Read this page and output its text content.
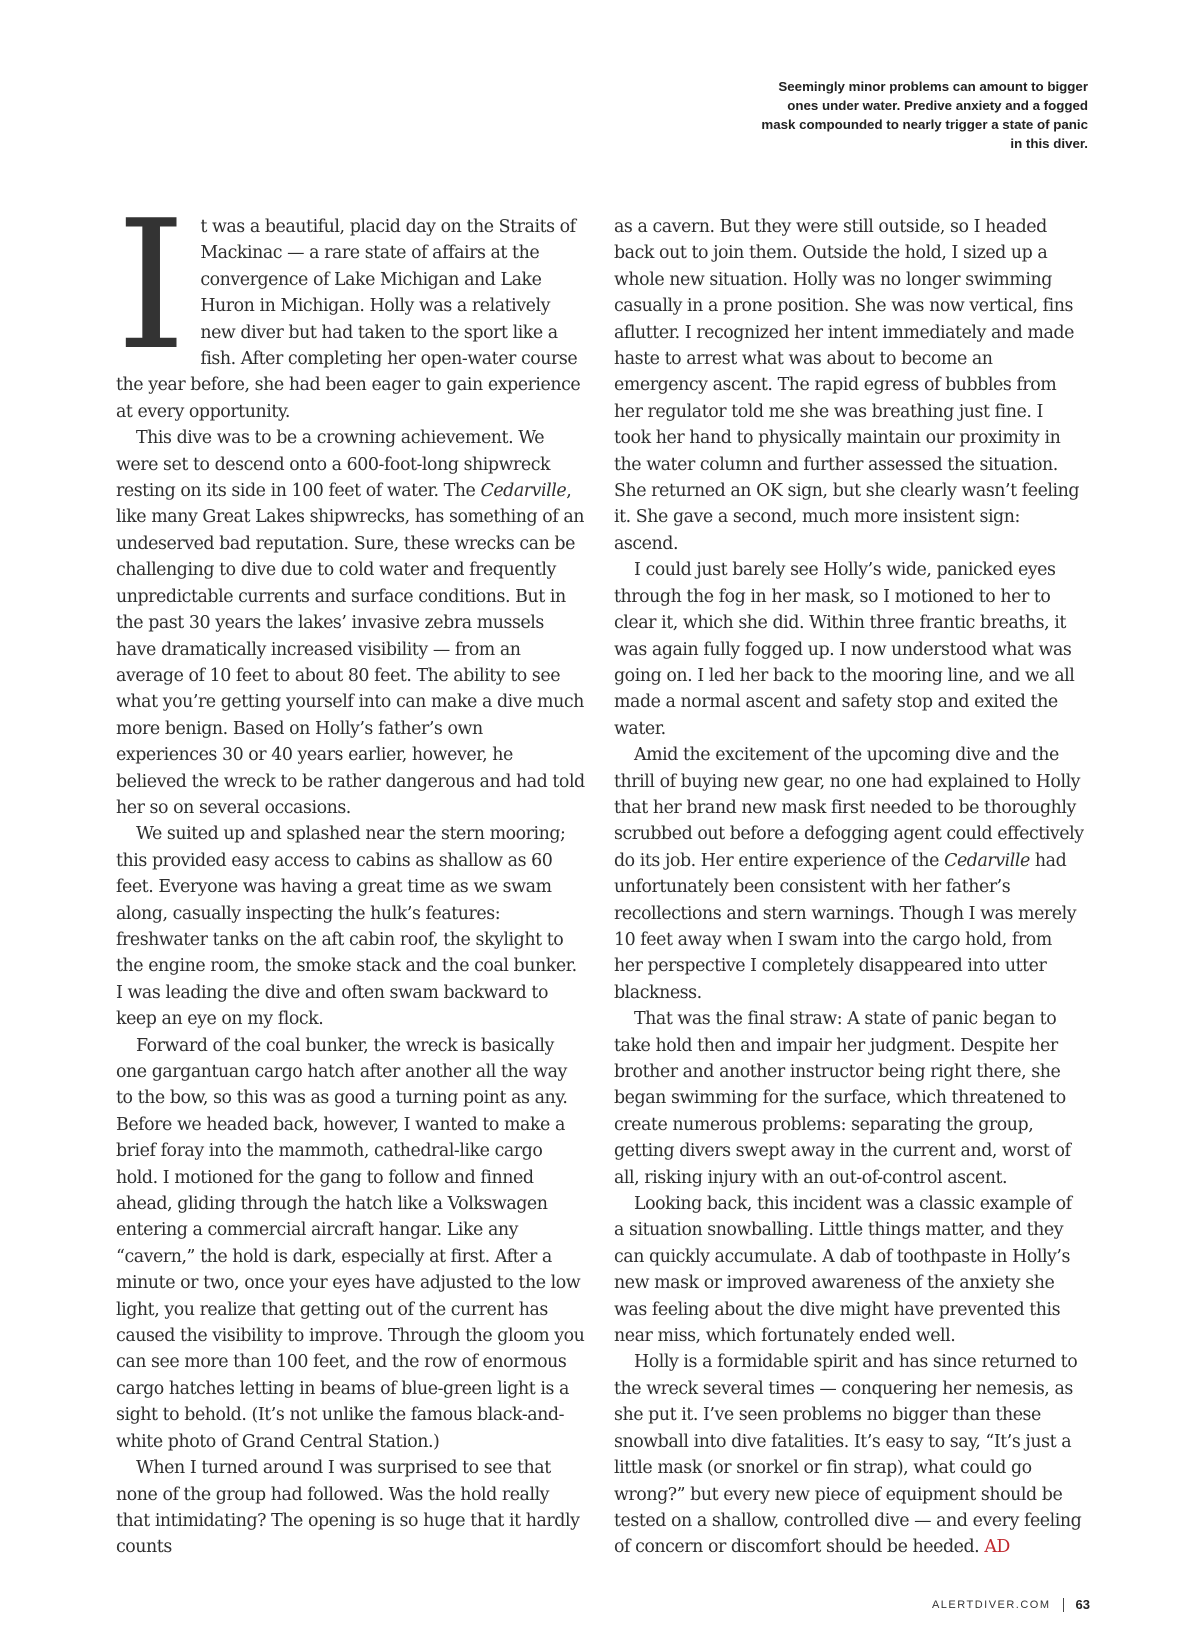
Seemingly minor problems can amount to bigger ones under water. Predive anxiety and a fogged mask compounded to nearly trigger a state of panic in this diver.

It was a beautiful, placid day on the Straits of Mackinac — a rare state of affairs at the convergence of Lake Michigan and Lake Huron in Michigan. Holly was a relatively new diver but had taken to the sport like a fish. After completing her open-water course the year before, she had been eager to gain experience at every opportunity.

This dive was to be a crowning achievement. We were set to descend onto a 600-foot-long shipwreck resting on its side in 100 feet of water. The Cedarville, like many Great Lakes shipwrecks, has something of an undeserved bad reputation. Sure, these wrecks can be challenging to dive due to cold water and frequently unpredictable currents and surface conditions. But in the past 30 years the lakes’ invasive zebra mussels have dramatically increased visibility — from an average of 10 feet to about 80 feet. The ability to see what you’re getting yourself into can make a dive much more benign. Based on Holly’s father’s own experiences 30 or 40 years earlier, however, he believed the wreck to be rather dangerous and had told her so on several occasions.

We suited up and splashed near the stern mooring; this provided easy access to cabins as shallow as 60 feet. Everyone was having a great time as we swam along, casually inspecting the hulk’s features: freshwater tanks on the aft cabin roof, the skylight to the engine room, the smoke stack and the coal bunker. I was leading the dive and often swam backward to keep an eye on my flock.

Forward of the coal bunker, the wreck is basically one gargantuan cargo hatch after another all the way to the bow, so this was as good a turning point as any. Before we headed back, however, I wanted to make a brief foray into the mammoth, cathedral-like cargo hold. I motioned for the gang to follow and finned ahead, gliding through the hatch like a Volkswagen entering a commercial aircraft hangar. Like any “cavern,” the hold is dark, especially at first. After a minute or two, once your eyes have adjusted to the low light, you realize that getting out of the current has caused the visibility to improve. Through the gloom you can see more than 100 feet, and the row of enormous cargo hatches letting in beams of blue-green light is a sight to behold. (It’s not unlike the famous black-and-white photo of Grand Central Station.)

When I turned around I was surprised to see that none of the group had followed. Was the hold really that intimidating? The opening is so huge that it hardly counts

as a cavern. But they were still outside, so I headed back out to join them. Outside the hold, I sized up a whole new situation. Holly was no longer swimming casually in a prone position. She was now vertical, fins aflutter. I recognized her intent immediately and made haste to arrest what was about to become an emergency ascent. The rapid egress of bubbles from her regulator told me she was breathing just fine. I took her hand to physically maintain our proximity in the water column and further assessed the situation. She returned an OK sign, but she clearly wasn’t feeling it. She gave a second, much more insistent sign: ascend.

I could just barely see Holly’s wide, panicked eyes through the fog in her mask, so I motioned to her to clear it, which she did. Within three frantic breaths, it was again fully fogged up. I now understood what was going on. I led her back to the mooring line, and we all made a normal ascent and safety stop and exited the water.

Amid the excitement of the upcoming dive and the thrill of buying new gear, no one had explained to Holly that her brand new mask first needed to be thoroughly scrubbed out before a defogging agent could effectively do its job. Her entire experience of the Cedarville had unfortunately been consistent with her father’s recollections and stern warnings. Though I was merely 10 feet away when I swam into the cargo hold, from her perspective I completely disappeared into utter blackness.

That was the final straw: A state of panic began to take hold then and impair her judgment. Despite her brother and another instructor being right there, she began swimming for the surface, which threatened to create numerous problems: separating the group, getting divers swept away in the current and, worst of all, risking injury with an out-of-control ascent.

Looking back, this incident was a classic example of a situation snowballing. Little things matter, and they can quickly accumulate. A dab of toothpaste in Holly’s new mask or improved awareness of the anxiety she was feeling about the dive might have prevented this near miss, which fortunately ended well.

Holly is a formidable spirit and has since returned to the wreck several times — conquering her nemesis, as she put it. I’ve seen problems no bigger than these snowball into dive fatalities. It’s easy to say, “It’s just a little mask (or snorkel or fin strap), what could go wrong?” but every new piece of equipment should be tested on a shallow, controlled dive — and every feeling of concern or discomfort should be heeded. AD

ALERTDIVER.COM 63
